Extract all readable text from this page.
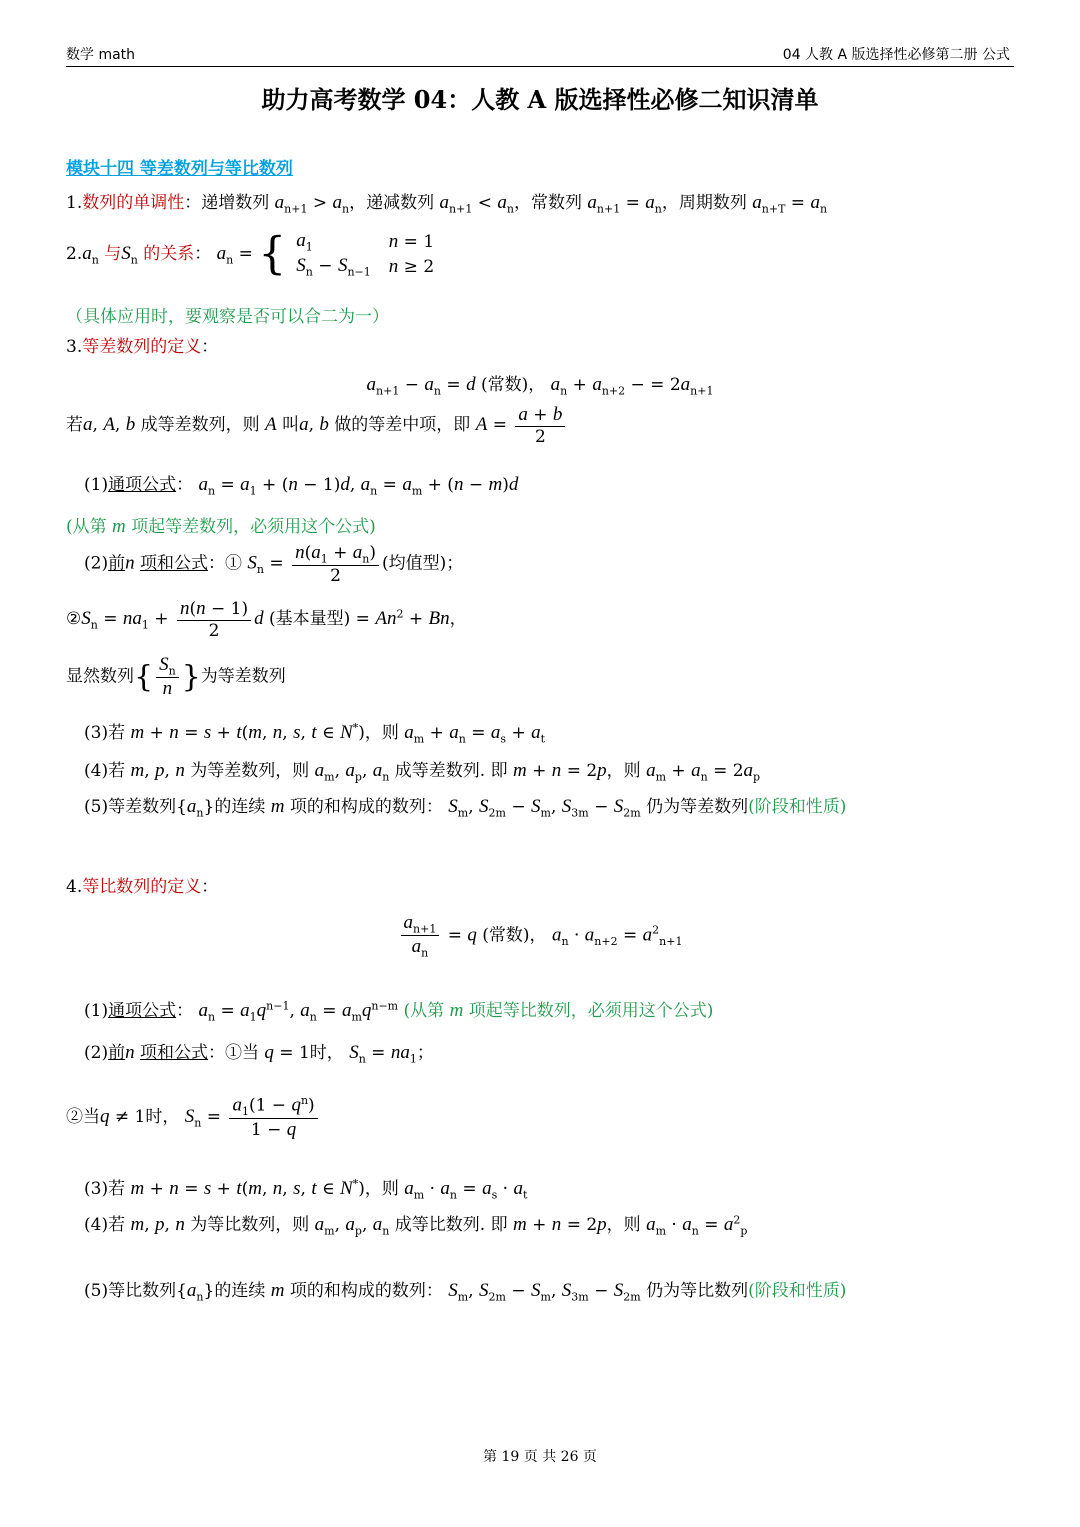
数学 math	04 人教 A 版选择性必修第二册 公式
助力高考数学 04：人教 A 版选择性必修二知识清单
模块十四 等差数列与等比数列
1.数列的单调性：递增数列 $a_{n+1} > a_n$，递减数列 $a_{n+1} < a_n$，常数列 $a_{n+1} = a_n$，周期数列 $a_{n+T} = a_n$
$2.a_n$ 与$S_n$ 的关系： $a_n$ = { $a_1$	n = 1
$S_n - S_{n-1}$	n ≥ 2
（具体应用时，要观察是否可以合二为一）
3.等差数列的定义：
$a_{n+1} - a_n = d$ (常数)， $a_n + a_{n+2}$ − = $2a_{n+1}$
若a, A, b 成等差数列，则 A 叫a, b 做的等差中项，即 $A = \frac{a + b}{2}$
(1)通项公式： $a_n = a_1 + (n - 1)d$, $a_n = a_m + (n - m)d$
(从第 m 项起等差数列，必须用这个公式)
(2)前n 项和公式：① $S_n = \frac{n(a_1 + a_n)}{2}$ (均值型)；
$②S_n = na_1 + \frac{n(n - 1)}{2}$ d (基本量型) = $An^2 + Bn$，
显然数列{ $\frac{S_n}{n}$ }为等差数列
(3)若 m + n = s + t(m, n, s, t ∈ N*)，则 $a_m + a_n = a_s + a_t$
(4)若 m, p, n 为等差数列，则 $a_m$, $a_p$, $a_n$ 成等差数列. 即 m + n = 2p，则 $a_m + a_n = 2a_p$
(5)等差数列$\{a_n\}$的连续 m 项的和构成的数列： $S_m$, $S_{2m} - S_m$, $S_{3m} - S_{2m}$ 仍为等差数列(阶段和性质)
4.等比数列的定义：
$\frac{a_{n+1}}{a_n} = q$ (常数)， $a_n \cdot a_{n+2} = a^2_{n+1}$
(1)通项公式： $a_n = a_1q^{n-1}$, $a_n = a_mq^{n-m}$ (从第 m 项起等比数列，必须用这个公式)
(2)前n 项和公式：①当 q = 1时， $S_n = na_1$；
②当q ≠ 1时， $S_n = \frac{a_1(1 - q^n)}{1 - q}$
(3)若 m + n = s + t(m, n, s, t ∈ N*)，则 $a_m \cdot a_n = a_s \cdot a_t$
(4)若 m, p, n 为等比数列，则 $a_m$, $a_p$, $a_n$ 成等比数列. 即 m + n = 2p，则 $a_m \cdot a_n = a^2_p$
(5)等比数列$\{a_n\}$的连续 m 项的和构成的数列： $S_m$, $S_{2m} - S_m$, $S_{3m} - S_{2m}$ 仍为等比数列(阶段和性质)
第 19 页 共 26 页
